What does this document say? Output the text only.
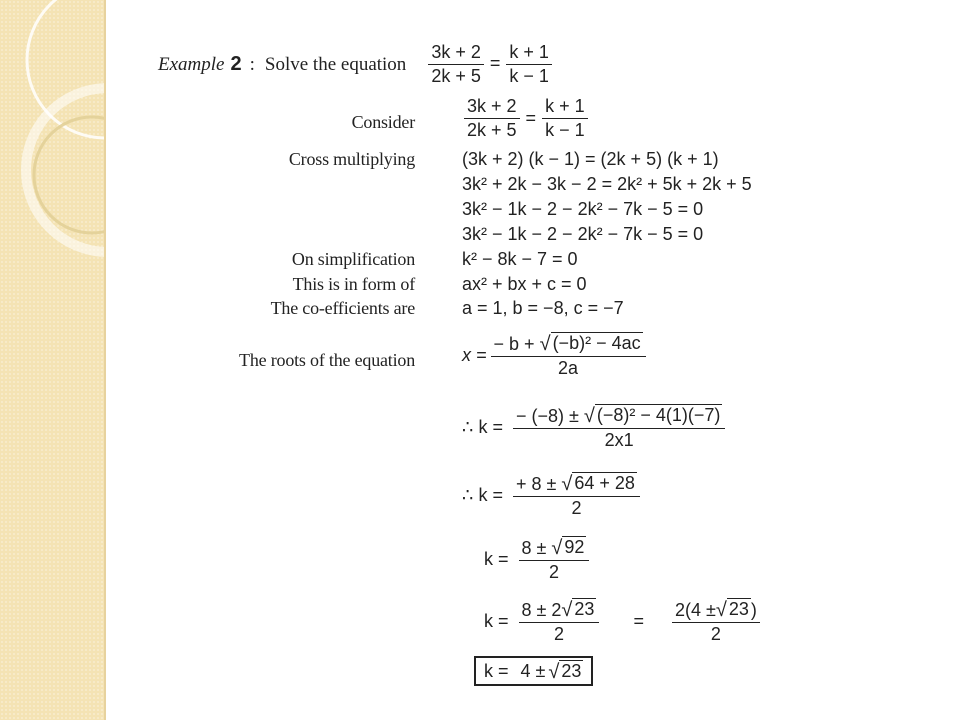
Example 2 : Solve the equation $\frac{3k + 2}{2k + 5} = \frac{k + 1}{k - 1}$
Consider	$\frac{3k + 2}{2k + 5} = \frac{k + 1}{k - 1}$
Cross multiplying	(3k + 2) (k − 1) = (2k + 5) (k + 1)
3k² + 2k − 3k − 2 = 2k² + 5k + 2k + 5
3k² − 1k − 2 − 2k² − 7k − 5 = 0
3k² − 1k − 2 − 2k² − 7k − 5 = 0
On simplification	k² − 8k − 7 = 0
This is in form of	ax² + bx + c = 0
The co-efficients are	a = 1, b = −8, c = −7
The roots of the equation	$x = \frac{\text{− b + √ (−b)² − 4ac}}{2a}$
∴ $k = \frac{\text{− (−8) ± √ (−8)² − 4(1)(−7)}}{2x1}$
∴ $k = \frac{+ 8 \pm √ 64 + 28}{2}$
$k = \frac{8 \pm √ 92}{2}$
$k = \frac{8 \pm 2 √ 23}{2} = \frac{2(4 \pm √ 23 )}{2}$
k = 4 ± √ 23
